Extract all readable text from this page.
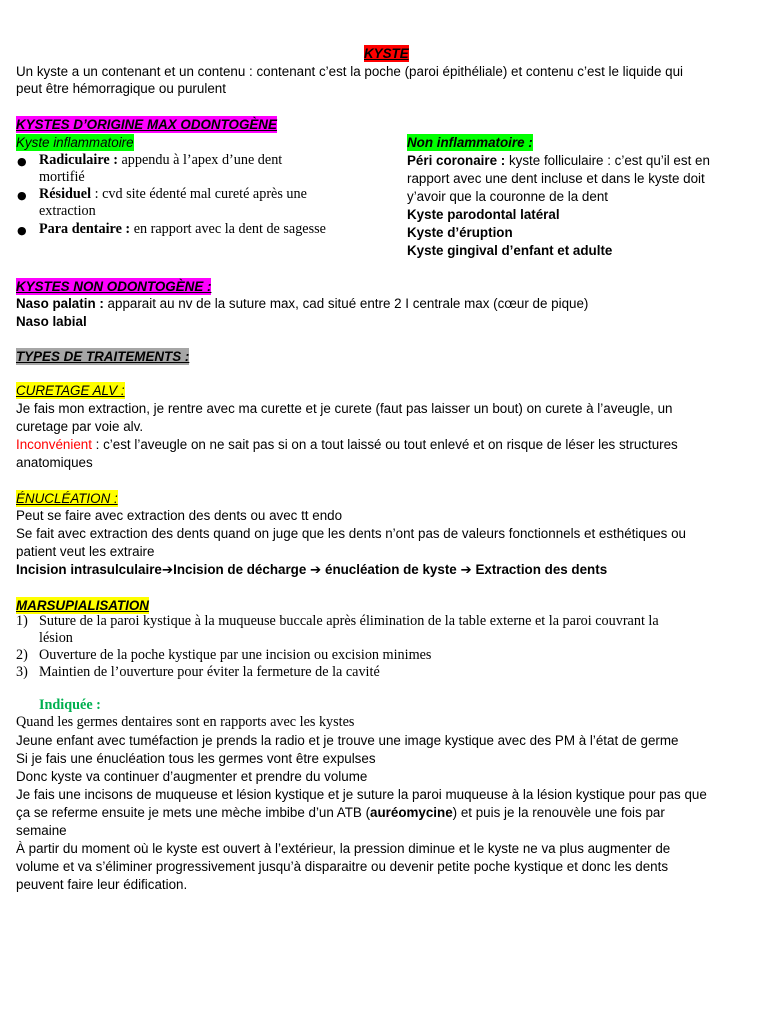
KYSTE
Un kyste a un contenant et un contenu : contenant c’est la poche (paroi épithéliale) et contenu c’est le liquide qui
peut être hémorragique ou purulent
KYSTES D’ORIGINE MAX ODONTOGÈNE
Kyste inflammatoire
● Radiculaire : appendu à l’apex d’une dent
mortifié
● Résiduel : cvd site édenté mal cureté après une
extraction
● Para dentaire : en rapport avec la dent de sagesse
Non inflammatoire :
Péri coronaire : kyste folliculaire : c’est qu’il est en
rapport avec une dent incluse et dans le kyste doit
y’avoir que la couronne de la dent
Kyste parodontal latéral
Kyste d’éruption
Kyste gingival d’enfant et adulte
KYSTES NON ODONTOGÈNE :
Naso palatin : apparait au nv de la suture max, cad situé entre 2 I centrale max (cœur de pique)
Naso labial
TYPES DE TRAITEMENTS :
CURETAGE ALV :
Je fais mon extraction, je rentre avec ma curette et je curete (faut pas laisser un bout) on curete à l’aveugle, un
curetage par voie alv.
Inconvénient : c’est l’aveugle on ne sait pas si on a tout laissé ou tout enlevé et on risque de léser les structures
anatomiques
ÉNUCLÉATION :
Peut se faire avec extraction des dents ou avec tt endo
Se fait avec extraction des dents quand on juge que les dents n’ont pas de valeurs fonctionnels et esthétiques ou
patient veut les extraire
Incision intrasulculaire➔Incision de décharge ➔ énucléation de kyste ➔ Extraction des dents
MARSUPIALISATION
1) Suture de la paroi kystique à la muqueuse buccale après élimination de la table externe et la paroi couvrant la
lésion
2) Ouverture de la poche kystique par une incision ou excision minimes
3) Maintien de l’ouverture pour éviter la fermeture de la cavité
Indiquée :
Quand les germes dentaires sont en rapports avec les kystes
Jeune enfant avec tuméfaction je prends la radio et je trouve une image kystique avec des PM à l’état de germe
Si je fais une énucléation tous les germes vont être expulses
Donc kyste va continuer d’augmenter et prendre du volume
Je fais une incisons de muqueuse et lésion kystique et je suture la paroi muqueuse à la lésion kystique pour pas que
ça se referme ensuite je mets une mèche imbibe d’un ATB (auréomycine) et puis je la renouvèle une fois par
semaine
À partir du moment où le kyste est ouvert à l’extérieur, la pression diminue et le kyste ne va plus augmenter de
volume et va s’éliminer progressivement jusqu’à disparaitre ou devenir petite poche kystique et donc les dents
peuvent faire leur édification.
